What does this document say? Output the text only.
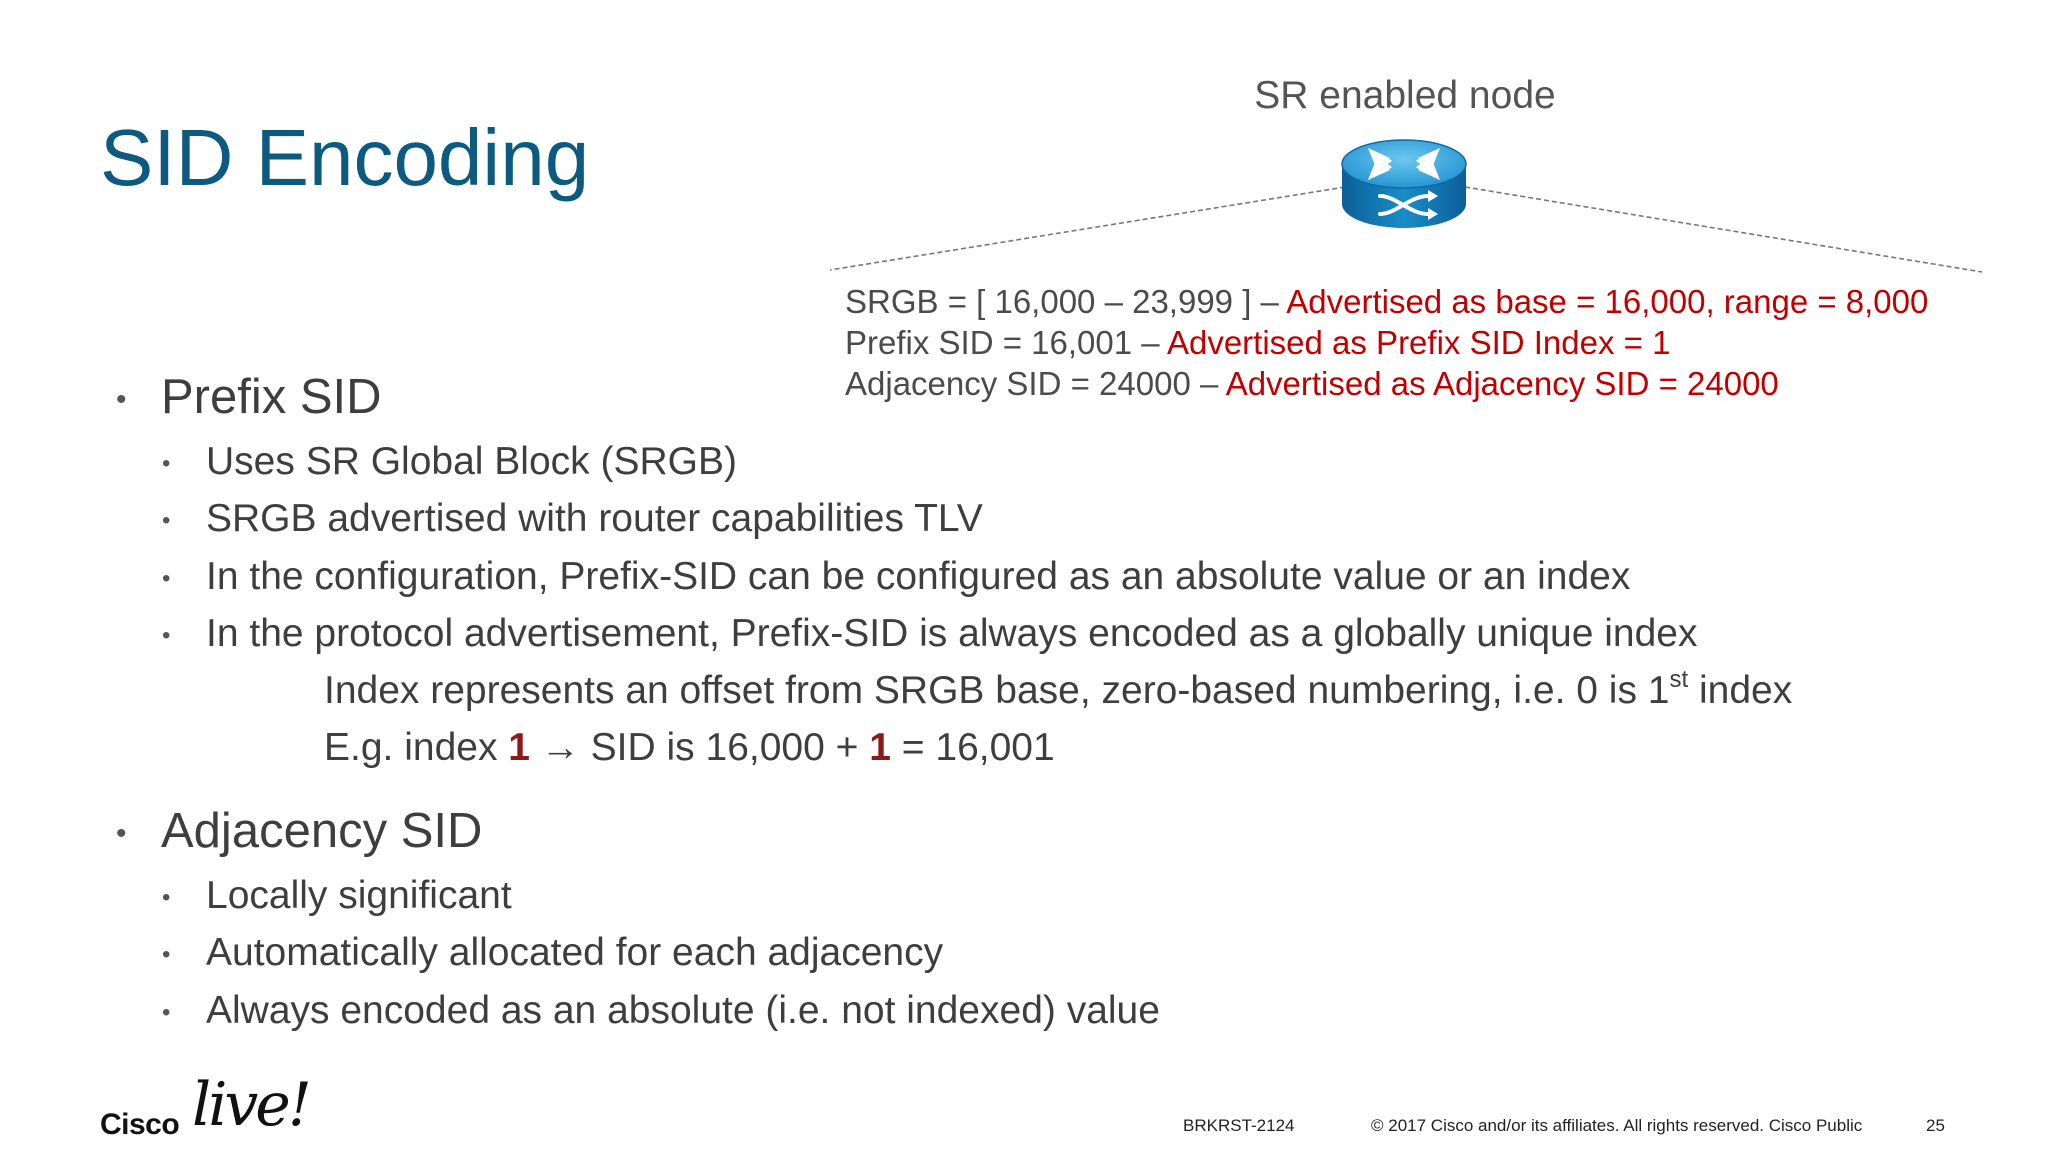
SID Encoding
SR enabled node
SRGB = [ 16,000 – 23,999 ] – Advertised as base = 16,000, range = 8,000
Prefix SID = 16,001 – Advertised as Prefix SID Index = 1
Adjacency SID = 24000 – Advertised as Adjacency SID = 24000
• Prefix SID
• Uses SR Global Block (SRGB)
• SRGB advertised with router capabilities TLV
• In the configuration, Prefix-SID can be configured as an absolute value or an index
• In the protocol advertisement, Prefix-SID is always encoded as a globally unique index
Index represents an offset from SRGB base, zero-based numbering, i.e. 0 is 1st index
E.g. index 1 → SID is 16,000 + 1 = 16,001
• Adjacency SID
• Locally significant
• Automatically allocated for each adjacency
• Always encoded as an absolute (i.e. not indexed) value
Cisco live!	BRKRST-2124	© 2017 Cisco and/or its affiliates. All rights reserved. Cisco Public	25
